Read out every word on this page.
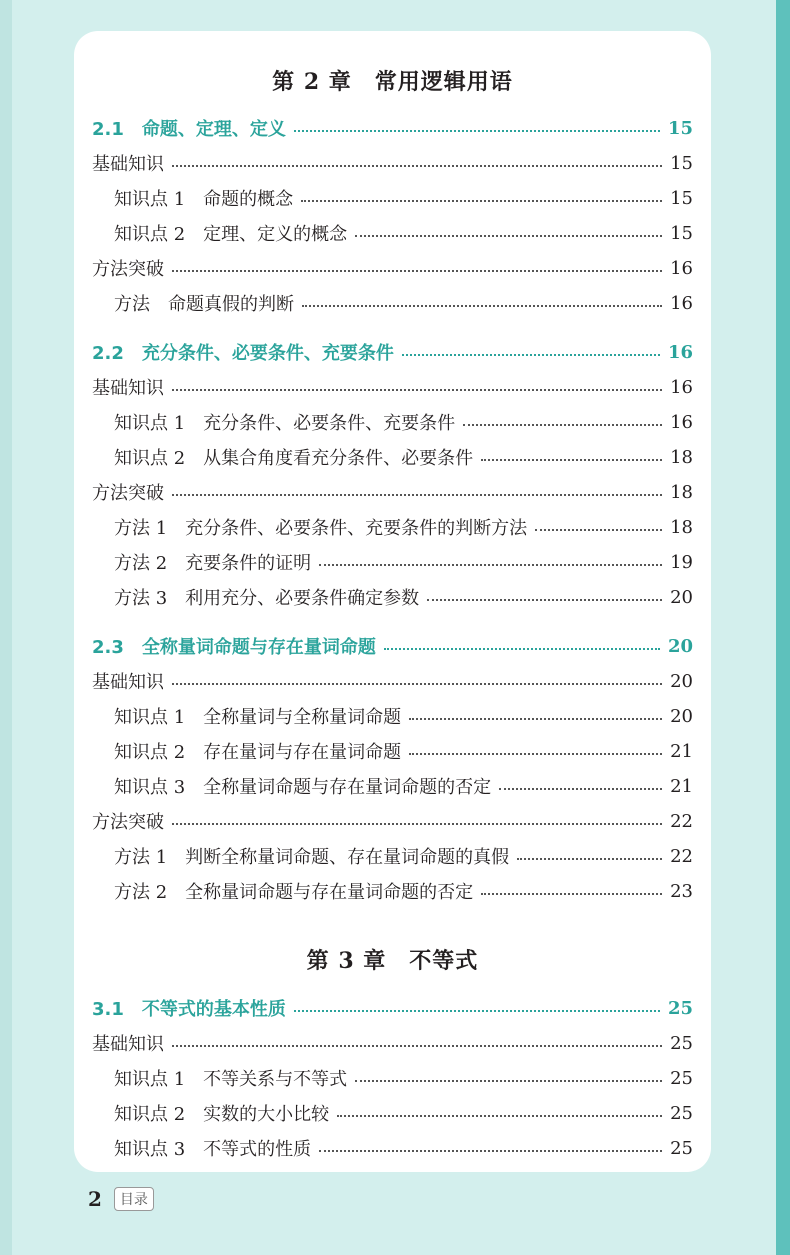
第 2 章　常用逻辑用语
2.1　命题、定理、定义	15
基础知识	15
知识点 1　命题的概念	15
知识点 2　定理、定义的概念	15
方法突破	16
方法　命题真假的判断	16
2.2　充分条件、必要条件、充要条件	16
基础知识	16
知识点 1　充分条件、必要条件、充要条件	16
知识点 2　从集合角度看充分条件、必要条件	18
方法突破	18
方法 1　充分条件、必要条件、充要条件的判断方法	18
方法 2　充要条件的证明	19
方法 3　利用充分、必要条件确定参数	20
2.3　全称量词命题与存在量词命题	20
基础知识	20
知识点 1　全称量词与全称量词命题	20
知识点 2　存在量词与存在量词命题	21
知识点 3　全称量词命题与存在量词命题的否定	21
方法突破	22
方法 1　判断全称量词命题、存在量词命题的真假	22
方法 2　全称量词命题与存在量词命题的否定	23
第 3 章　不等式
3.1　不等式的基本性质	25
基础知识	25
知识点 1　不等关系与不等式	25
知识点 2　实数的大小比较	25
知识点 3　不等式的性质	25
2	目录
